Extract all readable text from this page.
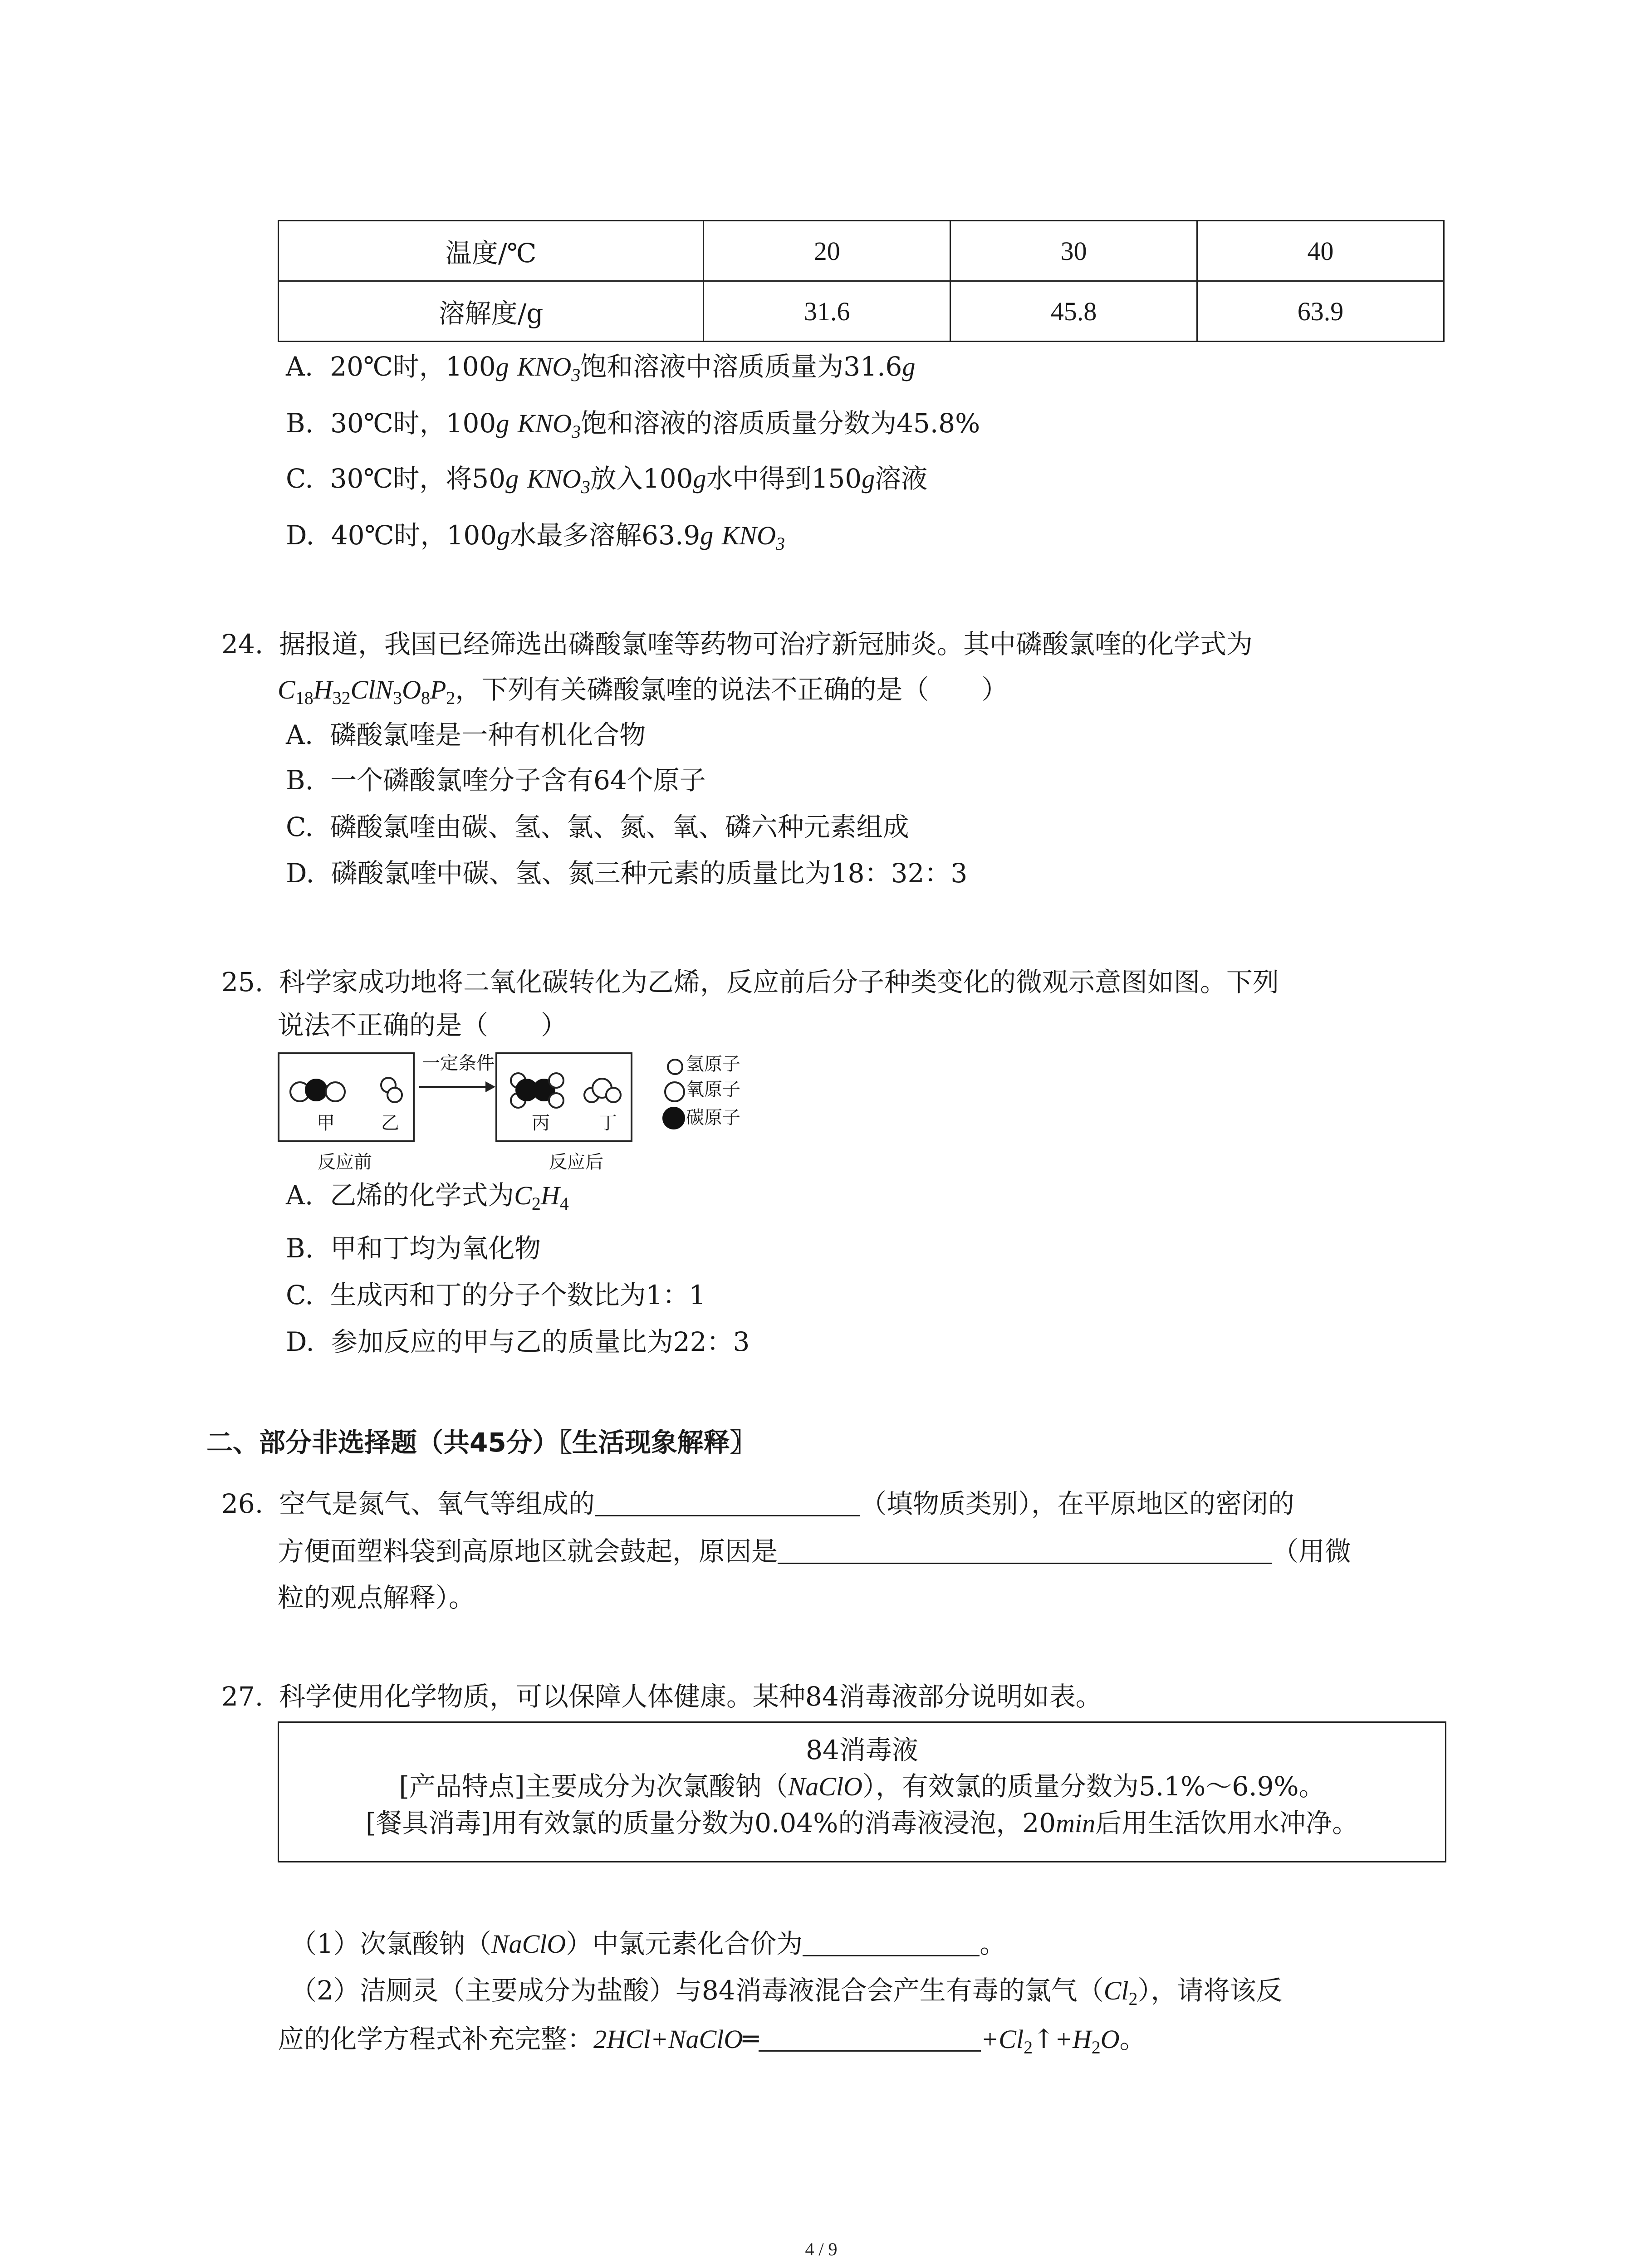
温度/℃	20	30	40
溶解度/g	31.6	45.8	63.9
A. 20℃时，100g $KNO_3$饱和溶液中溶质质量为31.6g
B. 30℃时，100g $KNO_3$饱和溶液的溶质质量分数为45.8%
C. 30℃时，将50g $KNO_3$放入100g水中得到150g溶液
D. 40℃时，100g水最多溶解63.9g $KNO_3$
24. 据报道，我国已经筛选出磷酸氯喹等药物可治疗新冠肺炎。其中磷酸氯喹的化学式为
$C_{18}H_{32}ClN_3O_8P_2$，下列有关磷酸氯喹的说法不正确的是（　　）
A. 磷酸氯喹是一种有机化合物
B. 一个磷酸氯喹分子含有64个原子
C. 磷酸氯喹由碳、氢、氯、氮、氧、磷六种元素组成
D. 磷酸氯喹中碳、氢、氮三种元素的质量比为18：32：3
25. 科学家成功地将二氧化碳转化为乙烯，反应前后分子种类变化的微观示意图如图。下列
说法不正确的是（　　）
甲	乙
一定条件
丙	丁
反应前	反应后
氢原子
氧原子
碳原子
A. 乙烯的化学式为$C_2H_4$
B. 甲和丁均为氧化物
C. 生成丙和丁的分子个数比为1：1
D. 参加反应的甲与乙的质量比为22：3
二、部分非选择题（共45分）〖生活现象解释〗
26. 空气是氮气、氧气等组成的	（填物质类别），在平原地区的密闭的
方便面塑料袋到高原地区就会鼓起，原因是	（用微
粒的观点解释）。
27. 科学使用化学物质，可以保障人体健康。某种84消毒液部分说明如表。
84消毒液
[产品特点]主要成分为次氯酸钠（NaClO），有效氯的质量分数为5.1%～6.9%。
[餐具消毒]用有效氯的质量分数为0.04%的消毒液浸泡，20min后用生活饮用水冲净。
（1）次氯酸钠（NaClO）中氯元素化合价为	。
（2）洁厕灵（主要成分为盐酸）与84消毒液混合会产生有毒的氯气$(Cl_2)$，请将该反
应的化学方程式补充完整：2HCl+NaClO═	$+Cl_2↑+H_2O$。
4 / 9
